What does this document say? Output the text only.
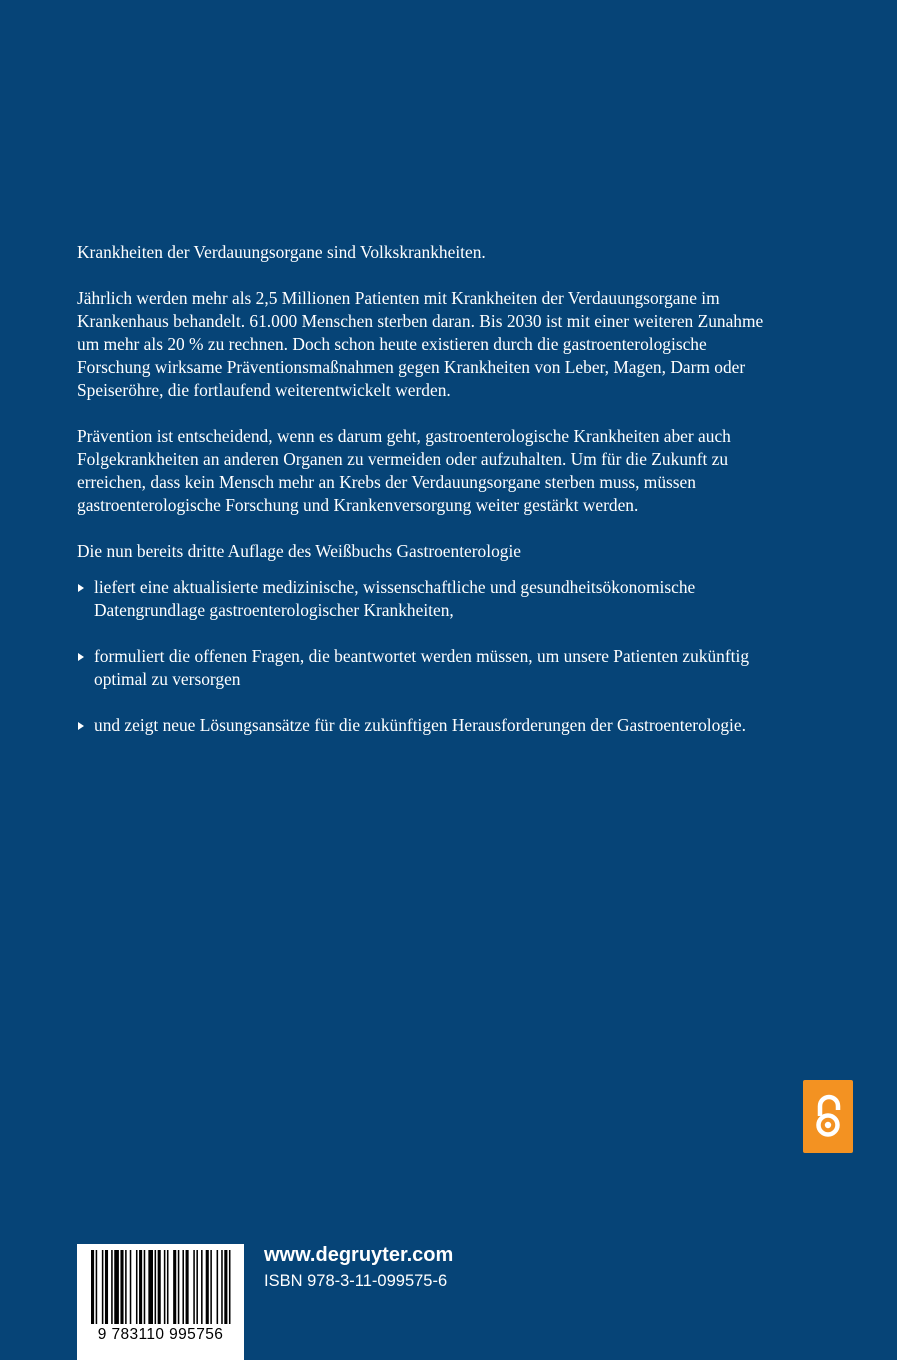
Krankheiten der Verdauungsorgane sind Volkskrankheiten.

Jährlich werden mehr als 2,5 Millionen Patienten mit Krankheiten der Verdauungsorgane im Krankenhaus behandelt. 61.000 Menschen sterben daran. Bis 2030 ist mit einer weiteren Zunahme um mehr als 20 % zu rechnen. Doch schon heute existieren durch die gastroenterologische Forschung wirksame Präventionsmaßnahmen gegen Krankheiten von Leber, Magen, Darm oder Speiseröhre, die fortlaufend weiterentwickelt werden.

Prävention ist entscheidend, wenn es darum geht, gastroenterologische Krankheiten aber auch Folgekrankheiten an anderen Organen zu vermeiden oder aufzuhalten. Um für die Zukunft zu erreichen, dass kein Mensch mehr an Krebs der Verdauungsorgane sterben muss, müssen gastroenterologische Forschung und Krankenversorgung weiter gestärkt werden.

Die nun bereits dritte Auflage des Weißbuchs Gastroenterologie

liefert eine aktualisierte medizinische, wissenschaftliche und gesundheitsökonomische Datengrundlage gastroenterologischer Krankheiten,
formuliert die offenen Fragen, die beantwortet werden müssen, um unsere Patienten zukünftig optimal zu versorgen
und zeigt neue Lösungsansätze für die zukünftigen Herausforderungen der Gastroenterologie.
9 783110 995756
www.degruyter.com
ISBN 978-3-11-099575-6
